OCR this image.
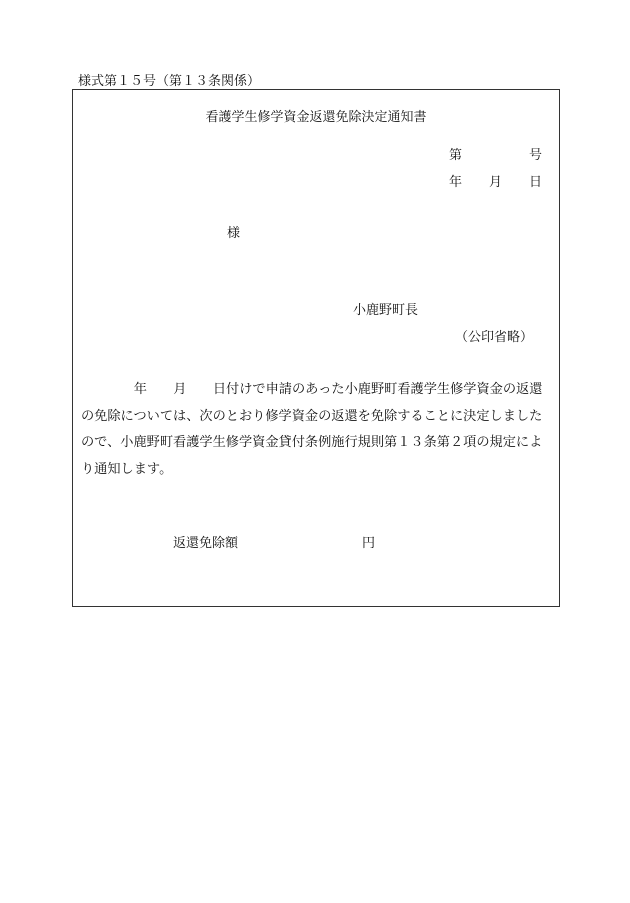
様式第１５号（第１３条関係）
看護学生修学資金返還免除決定通知書
第	号
年 月 日
様
小鹿野町長
（公印省略）
　　　　年　　月　　日付けで申請のあった小鹿野町看護学生修学資金の返還の免除については、次のとおり修学資金の返還を免除することに決定しましたので、小鹿野町看護学生修学資金貸付条例施行規則第１３条第２項の規定により通知します。
返還免除額	円
